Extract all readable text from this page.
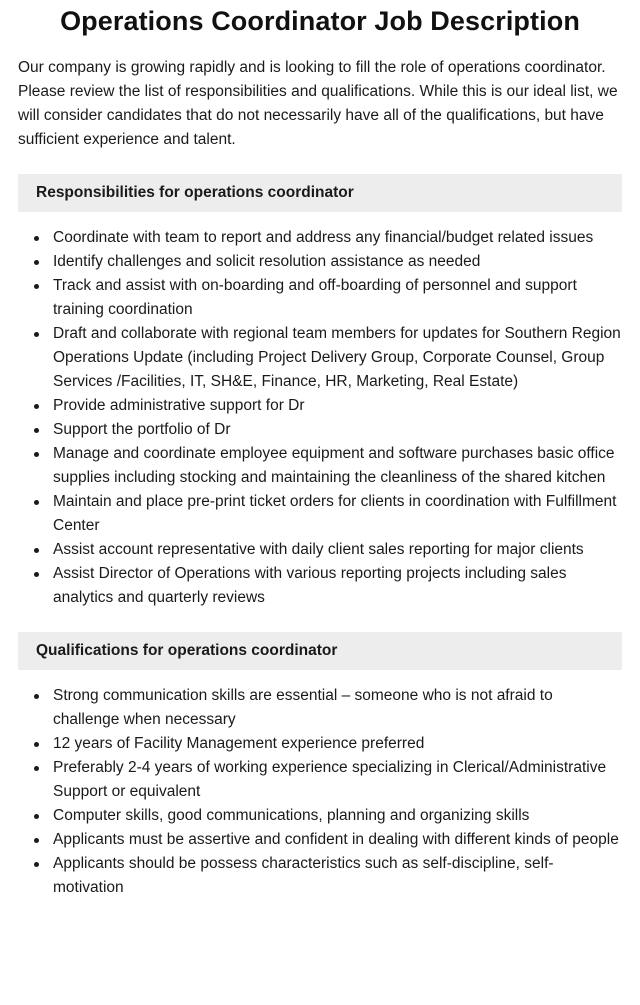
Operations Coordinator Job Description

Our company is growing rapidly and is looking to fill the role of operations coordinator. Please review the list of responsibilities and qualifications. While this is our ideal list, we will consider candidates that do not necessarily have all of the qualifications, but have sufficient experience and talent.

Responsibilities for operations coordinator
Coordinate with team to report and address any financial/budget related issues
Identify challenges and solicit resolution assistance as needed
Track and assist with on-boarding and off-boarding of personnel and support training coordination
Draft and collaborate with regional team members for updates for Southern Region Operations Update (including Project Delivery Group, Corporate Counsel, Group Services /Facilities, IT, SH&E, Finance, HR, Marketing, Real Estate)
Provide administrative support for Dr
Support the portfolio of Dr
Manage and coordinate employee equipment and software purchases basic office supplies including stocking and maintaining the cleanliness of the shared kitchen
Maintain and place pre-print ticket orders for clients in coordination with Fulfillment Center
Assist account representative with daily client sales reporting for major clients
Assist Director of Operations with various reporting projects including sales analytics and quarterly reviews
Qualifications for operations coordinator
Strong communication skills are essential – someone who is not afraid to challenge when necessary
12 years of Facility Management experience preferred
Preferably 2-4 years of working experience specializing in Clerical/Administrative Support or equivalent
Computer skills, good communications, planning and organizing skills
Applicants must be assertive and confident in dealing with different kinds of people
Applicants should be possess characteristics such as self-discipline, self-motivation
